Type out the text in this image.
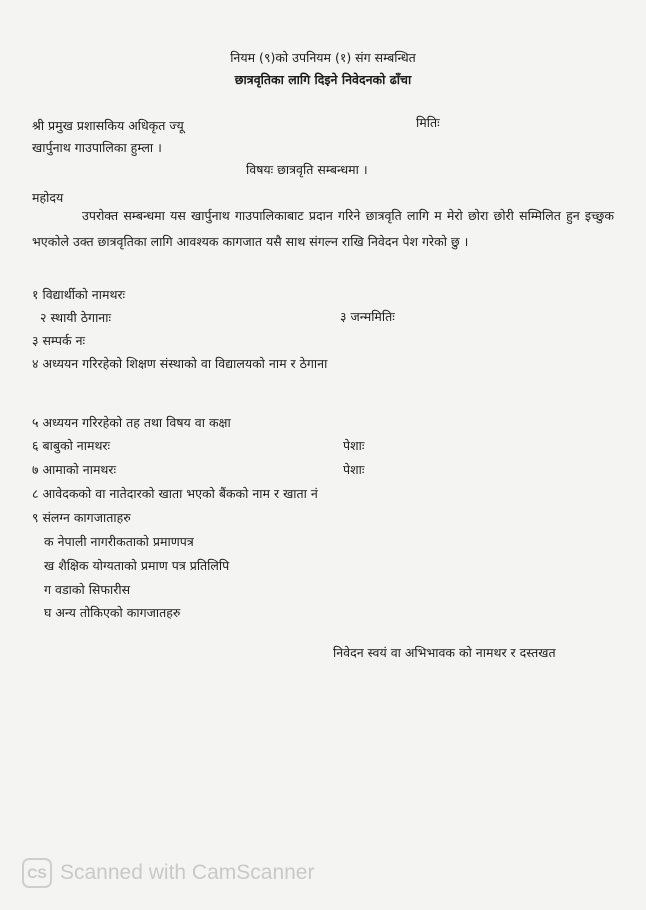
नियम (९)को उपनियम (१) संग सम्बन्धित
छात्रवृतिका लागि दिइने निवेदनको ढाँचा
श्री प्रमुख प्रशासकिय अधिकृत ज्यू	मितिः
खार्पुनाथ गाउपालिका हुम्ला ।
विषयः छात्रवृति सम्बन्धमा ।
महोदय
उपरोक्त सम्बन्धमा यस खार्पुनाथ गाउपालिकाबाट प्रदान गरिने छात्रवृति लागि म मेरो छोरा छोरी सम्मिलित हुन इच्छुक भएकोले उक्त छात्रवृतिका लागि आवश्यक कागजात यसै साथ संगल्न राखि निवेदन पेश गरेको छु ।
१ विद्यार्थीको नामथरः
२ स्थायी ठेगानाः	३ जन्ममितिः
३ सम्पर्क नः
४ अध्ययन गरिरहेको शिक्षण संस्थाको वा विद्यालयको नाम र ठेगाना
५ अध्ययन गरिरहेको तह तथा विषय वा कक्षा
६ बाबुको नामथरः	पेशाः
७ आमाको नामथरः	पेशाः
८ आवेदकको वा नातेदारको खाता भएको बैंकको नाम र खाता नं
९ संलग्न कागजाताहरु
क नेपाली नागरीकताको प्रमाणपत्र
ख शैक्षिक योग्यताको प्रमाण पत्र प्रतिलिपि
ग वडाको सिफारीस
घ अन्य तोकिएको कागजातहरु
निवेदन स्वयं वा अभिभावक को नामथर र दस्तखत
CS Scanned with CamScanner
